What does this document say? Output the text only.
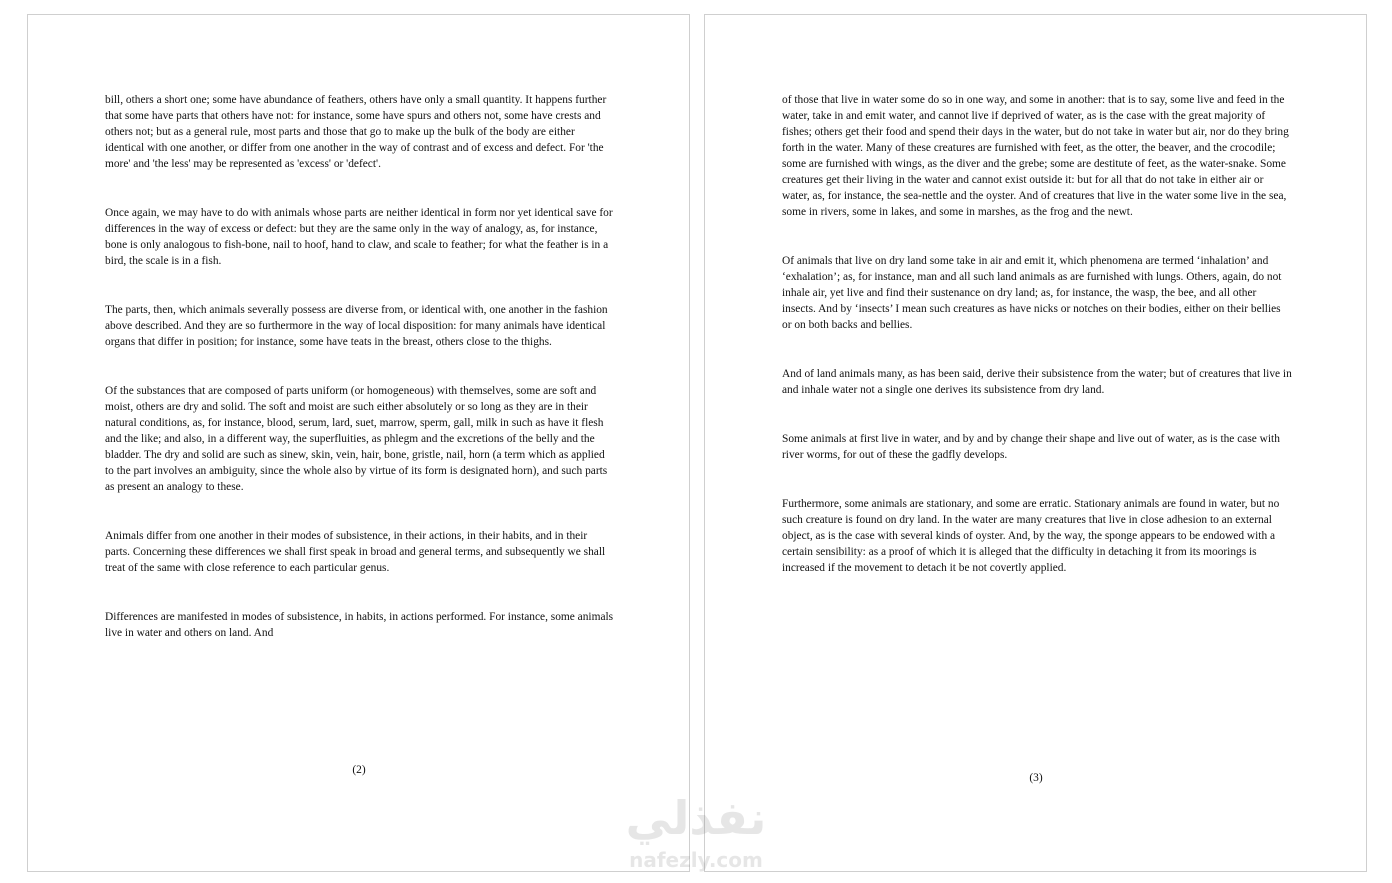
bill, others a short one; some have abundance of feathers, others have only a small quantity. It happens further that some have parts that others have not: for instance, some have spurs and others not, some have crests and others not; but as a general rule, most parts and those that go to make up the bulk of the body are either identical with one another, or differ from one another in the way of contrast and of excess and defect. For 'the more' and 'the less' may be represented as 'excess' or 'defect'.

Once again, we may have to do with animals whose parts are neither identical in form nor yet identical save for differences in the way of excess or defect: but they are the same only in the way of analogy, as, for instance, bone is only analogous to fish-bone, nail to hoof, hand to claw, and scale to feather; for what the feather is in a bird, the scale is in a fish.

The parts, then, which animals severally possess are diverse from, or identical with, one another in the fashion above described. And they are so furthermore in the way of local disposition: for many animals have identical organs that differ in position; for instance, some have teats in the breast, others close to the thighs.

Of the substances that are composed of parts uniform (or homogeneous) with themselves, some are soft and moist, others are dry and solid. The soft and moist are such either absolutely or so long as they are in their natural conditions, as, for instance, blood, serum, lard, suet, marrow, sperm, gall, milk in such as have it flesh and the like; and also, in a different way, the superfluities, as phlegm and the excretions of the belly and the bladder. The dry and solid are such as sinew, skin, vein, hair, bone, gristle, nail, horn (a term which as applied to the part involves an ambiguity, since the whole also by virtue of its form is designated horn), and such parts as present an analogy to these.

Animals differ from one another in their modes of subsistence, in their actions, in their habits, and in their parts. Concerning these differences we shall first speak in broad and general terms, and subsequently we shall treat of the same with close reference to each particular genus.

Differences are manifested in modes of subsistence, in habits, in actions performed. For instance, some animals live in water and others on land. And

(2)

of those that live in water some do so in one way, and some in another: that is to say, some live and feed in the water, take in and emit water, and cannot live if deprived of water, as is the case with the great majority of fishes; others get their food and spend their days in the water, but do not take in water but air, nor do they bring forth in the water. Many of these creatures are furnished with feet, as the otter, the beaver, and the crocodile; some are furnished with wings, as the diver and the grebe; some are destitute of feet, as the water-snake. Some creatures get their living in the water and cannot exist outside it: but for all that do not take in either air or water, as, for instance, the sea-nettle and the oyster. And of creatures that live in the water some live in the sea, some in rivers, some in lakes, and some in marshes, as the frog and the newt.

Of animals that live on dry land some take in air and emit it, which phenomena are termed ‘inhalation’ and ‘exhalation’; as, for instance, man and all such land animals as are furnished with lungs. Others, again, do not inhale air, yet live and find their sustenance on dry land; as, for instance, the wasp, the bee, and all other insects. And by ‘insects’ I mean such creatures as have nicks or notches on their bodies, either on their bellies or on both backs and bellies.

And of land animals many, as has been said, derive their subsistence from the water; but of creatures that live in and inhale water not a single one derives its subsistence from dry land.

Some animals at first live in water, and by and by change their shape and live out of water, as is the case with river worms, for out of these the gadfly develops.

Furthermore, some animals are stationary, and some are erratic. Stationary animals are found in water, but no such creature is found on dry land. In the water are many creatures that live in close adhesion to an external object, as is the case with several kinds of oyster. And, by the way, the sponge appears to be endowed with a certain sensibility: as a proof of which it is alleged that the difficulty in detaching it from its moorings is increased if the movement to detach it be not covertly applied.

(3)
نفذلي
nafezly.com
